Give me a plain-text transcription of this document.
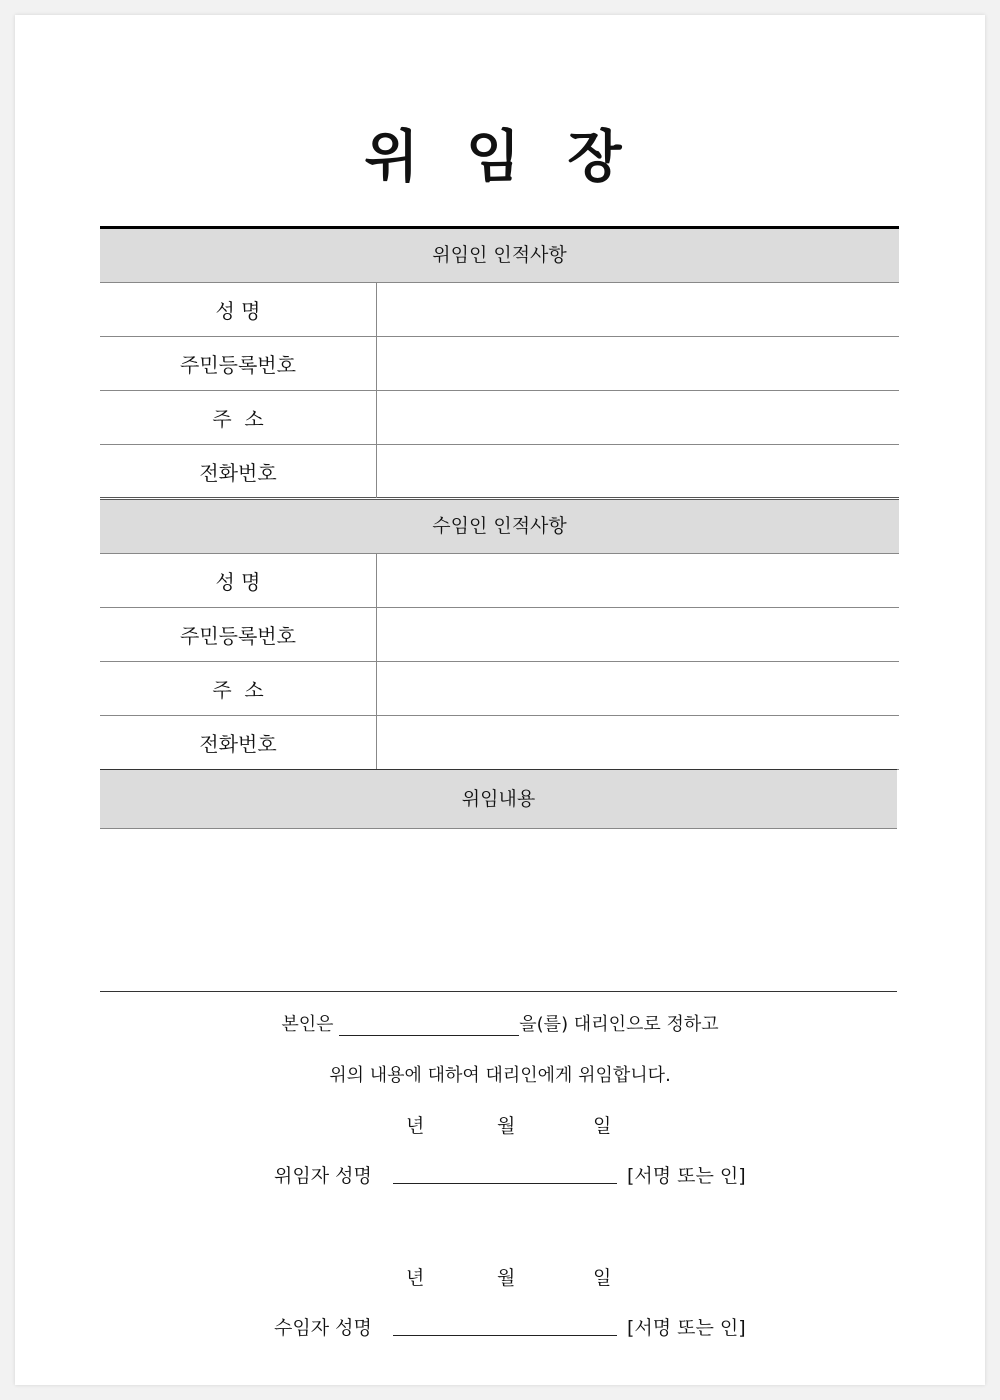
위 임 장
위임인 인적사항
성 명
주민등록번호
주  소
전화번호
수임인 인적사항
성 명
주민등록번호
주  소
전화번호
위임내용
본인은	을(를) 대리인으로 정하고
위의 내용에 대하여 대리인에게 위임합니다.
년	월	일
위임자 성명	[서명 또는 인]
년	월	일
수임자 성명	[서명 또는 인]
